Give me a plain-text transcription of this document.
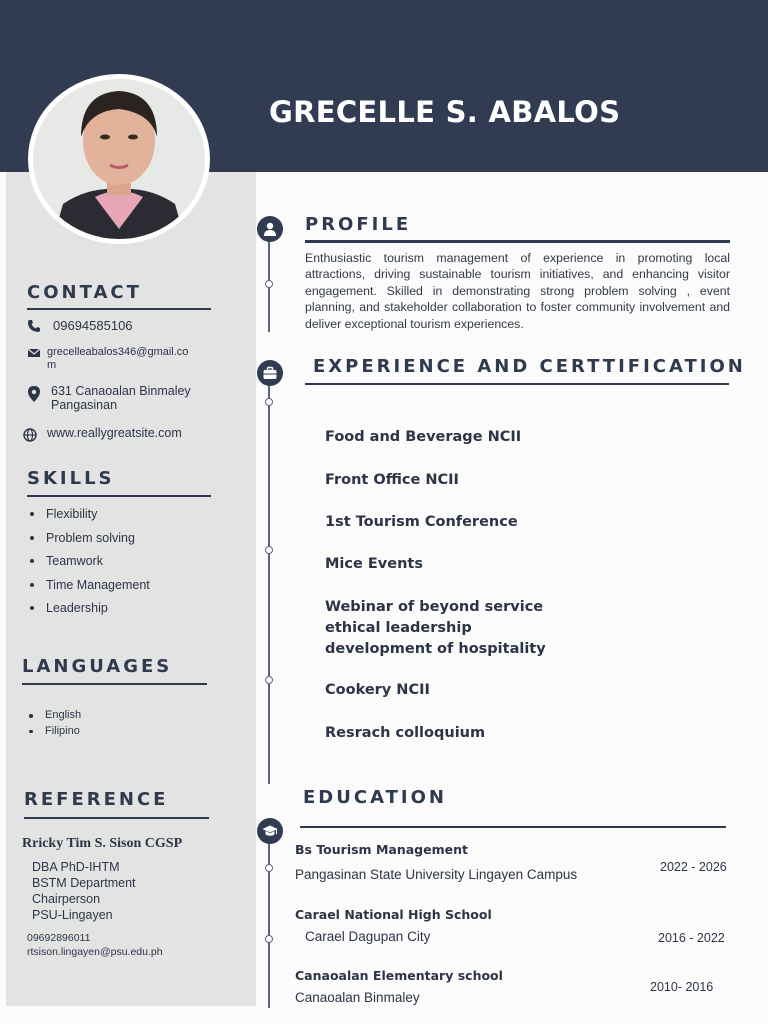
GRECELLE S. ABALOS
CONTACT
09694585106
grecelleabalos346@gmail.co
m
631 Canaoalan Binmaley
Pangasinan
www.reallygreatsite.com
SKILLS
Flexibility
Problem solving
Teamwork
Time Management
Leadership
LANGUAGES
English
Filipino
REFERENCE
Rricky Tim S. Sison CGSP
DBA PhD-IHTM
BSTM Department
Chairperson
PSU-Lingayen
09692896011
rtsison.lingayen@psu.edu.ph
PROFILE
Enthusiastic tourism management of experience in promoting local attractions, driving sustainable tourism initiatives, and enhancing visitor engagement. Skilled in demonstrating strong problem solving , event planning, and stakeholder collaboration to foster community involvement and deliver exceptional tourism experiences.
EXPERIENCE AND CERTTIFICATION
Food and Beverage NCII
Front Office NCII
1st Tourism Conference
Mice Events
Webinar of beyond service
ethical leadership
development of hospitality
Cookery NCII
Resrach colloquium
EDUCATION
Bs Tourism Management
Pangasinan State University Lingayen Campus	2022 - 2026
Carael National High School
Carael Dagupan City	2016 - 2022
Canaoalan Elementary school
Canaoalan Binmaley
2010- 2016
